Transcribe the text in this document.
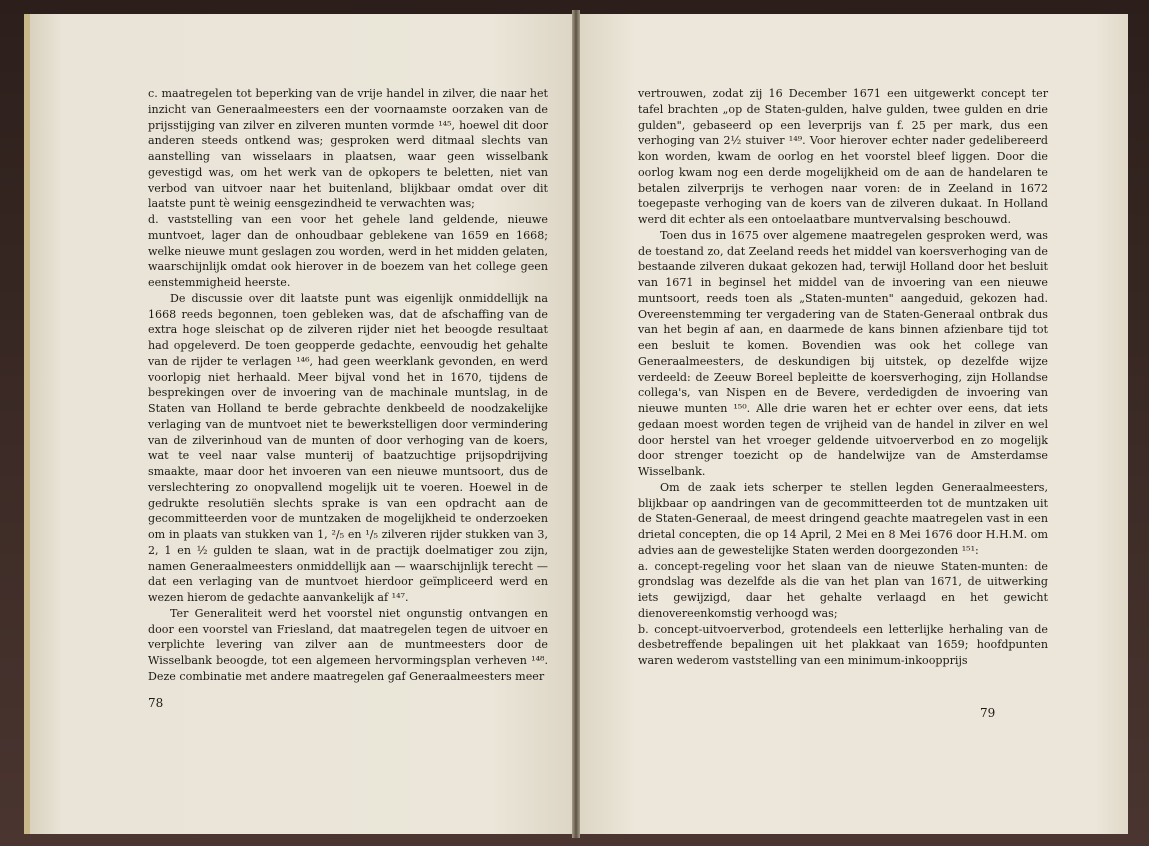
c. maatregelen tot beperking van de vrije handel in zilver, die naar het inzicht van Generaalmeesters een der voornaamste oorzaken van de prijsstijging van zilver en zilveren munten vormde ¹⁴⁵, hoewel dit door anderen steeds ontkend was; gesproken werd ditmaal slechts van aanstelling van wisselaars in plaatsen, waar geen wisselbank gevestigd was, om het werk van de opkopers te beletten, niet van verbod van uitvoer naar het buitenland, blijkbaar omdat over dit laatste punt tè weinig eensgezindheid te verwachten was;

d. vaststelling van een voor het gehele land geldende, nieuwe muntvoet, lager dan de onhoudbaar geblekene van 1659 en 1668; welke nieuwe munt geslagen zou worden, werd in het midden gelaten, waarschijnlijk omdat ook hierover in de boezem van het college geen eenstemmigheid heerste.

De discussie over dit laatste punt was eigenlijk onmiddellijk na 1668 reeds begonnen, toen gebleken was, dat de afschaffing van de extra hoge sleischat op de zilveren rijder niet het beoogde resultaat had opgeleverd. De toen geopperde gedachte, eenvoudig het gehalte van de rijder te verlagen ¹⁴⁶, had geen weerklank gevonden, en werd voorlopig niet herhaald. Meer bijval vond het in 1670, tijdens de besprekingen over de invoering van de machinale muntslag, in de Staten van Holland te berde gebrachte denkbeeld de noodzakelijke verlaging van de muntvoet niet te bewerkstelligen door vermindering van de zilverinhoud van de munten of door verhoging van de koers, wat te veel naar valse munterij of baatzuchtige prijsopdrijving smaakte, maar door het invoeren van een nieuwe muntsoort, dus de verslechtering zo onopvallend mogelijk uit te voeren. Hoewel in de gedrukte resolutiën slechts sprake is van een opdracht aan de gecommitteerden voor de muntzaken de mogelijkheid te onderzoeken om in plaats van stukken van 1, ²/₅ en ¹/₅ zilveren rijder stukken van 3, 2, 1 en ½ gulden te slaan, wat in de practijk doelmatiger zou zijn, namen Generaalmeesters onmiddellijk aan — waarschijnlijk terecht — dat een verlaging van de muntvoet hierdoor geïmpliceerd werd en wezen hierom de gedachte aanvankelijk af ¹⁴⁷.

Ter Generaliteit werd het voorstel niet ongunstig ontvangen en door een voorstel van Friesland, dat maatregelen tegen de uitvoer en verplichte levering van zilver aan de muntmeesters door de Wisselbank beoogde, tot een algemeen hervormingsplan verheven ¹⁴⁸. Deze combinatie met andere maatregelen gaf Generaalmeesters meer

78

vertrouwen, zodat zij 16 December 1671 een uitgewerkt concept ter tafel brachten „op de Staten-gulden, halve gulden, twee gulden en drie gulden", gebaseerd op een leverprijs van f. 25 per mark, dus een verhoging van 2½ stuiver ¹⁴⁹. Voor hierover echter nader gedelibereerd kon worden, kwam de oorlog en het voorstel bleef liggen. Door die oorlog kwam nog een derde mogelijkheid om de aan de handelaren te betalen zilverprijs te verhogen naar voren: de in Zeeland in 1672 toegepaste verhoging van de koers van de zilveren dukaat. In Holland werd dit echter als een ontoelaatbare muntvervalsing beschouwd.

Toen dus in 1675 over algemene maatregelen gesproken werd, was de toestand zo, dat Zeeland reeds het middel van koersverhoging van de bestaande zilveren dukaat gekozen had, terwijl Holland door het besluit van 1671 in beginsel het middel van de invoering van een nieuwe muntsoort, reeds toen als „Staten-munten" aangeduid, gekozen had. Overeenstemming ter vergadering van de Staten-Generaal ontbrak dus van het begin af aan, en daarmede de kans binnen afzienbare tijd tot een besluit te komen. Bovendien was ook het college van Generaalmeesters, de deskundigen bij uitstek, op dezelfde wijze verdeeld: de Zeeuw Boreel bepleitte de koersverhoging, zijn Hollandse collega's, van Nispen en de Bevere, verdedigden de invoering van nieuwe munten ¹⁵⁰. Alle drie waren het er echter over eens, dat iets gedaan moest worden tegen de vrijheid van de handel in zilver en wel door herstel van het vroeger geldende uitvoerverbod en zo mogelijk door strenger toezicht op de handelwijze van de Amsterdamse Wisselbank.

Om de zaak iets scherper te stellen legden Generaalmeesters, blijkbaar op aandringen van de gecommitteerden tot de muntzaken uit de Staten-Generaal, de meest dringend geachte maatregelen vast in een drietal concepten, die op 14 April, 2 Mei en 8 Mei 1676 door H.H.M. om advies aan de gewestelijke Staten werden doorgezonden ¹⁵¹:

a. concept-regeling voor het slaan van de nieuwe Staten-munten: de grondslag was dezelfde als die van het plan van 1671, de uitwerking iets gewijzigd, daar het gehalte verlaagd en het gewicht dienovereenkomstig verhoogd was;

b. concept-uitvoerverbod, grotendeels een letterlijke herhaling van de desbetreffende bepalingen uit het plakkaat van 1659; hoofdpunten waren wederom vaststelling van een minimum-inkoopprijs

79
